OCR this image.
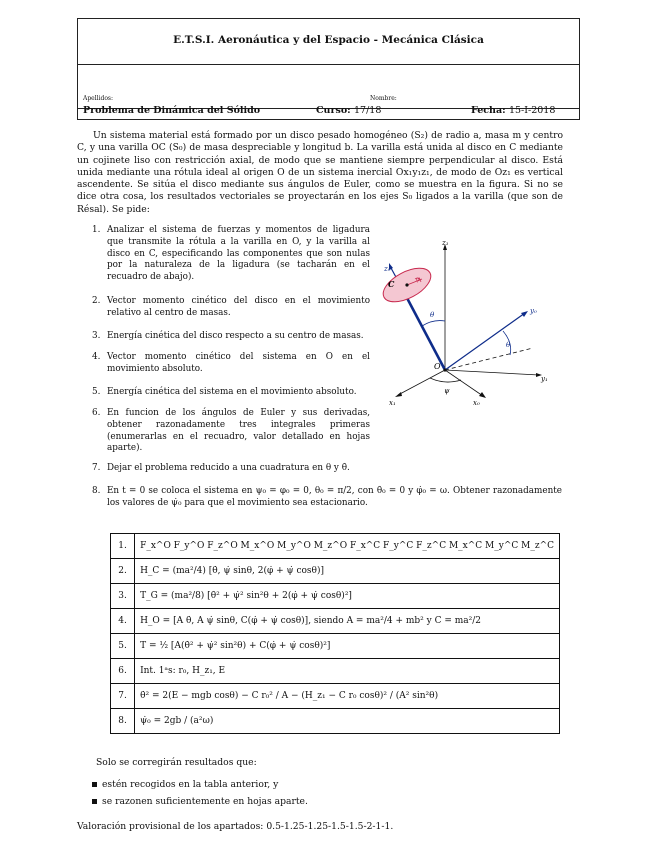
E.T.S.I. Aeronáutica y del Espacio - Mecánica Clásica
Apellidos:	Nombre:
Problema de Dinámica del Sólido	Curso: 17/18	Fecha: 15-I-2018

Un sistema material está formado por un disco pesado homogéneo (S₂) de radio a, masa m y centro C, y una varilla OC (S₀) de masa despreciable y longitud b. La varilla está unida al disco en C mediante un cojinete liso con restricción axial, de modo que se mantiene siempre perpendicular al disco. Está unida mediante una rótula ideal al origen O de un sistema inercial Ox₁y₁z₁, de modo de Oz₁ es vertical ascendente. Se sitúa el disco mediante sus ángulos de Euler, como se muestra en la figura. Si no se dice otra cosa, los resultados vectoriales se proyectarán en los ejes S₀ ligados a la varilla (que son de Résal). Se pide:

1. Analizar el sistema de fuerzas y momentos de ligadura que transmite la rótula a la varilla en O, y la varilla al disco en C, especificando las componentes que son nulas por la naturaleza de la ligadura (se tacharán en el recuadro de abajo).
2. Vector momento cinético del disco en el movimiento relativo al centro de masas.
3. Energía cinética del disco respecto a su centro de masas.
4. Vector momento cinético del sistema en O en el movimiento absoluto.
5. Energía cinética del sistema en el movimiento absoluto.
6. En funcion de los ángulos de Euler y sus derivadas, obtener razonadamente tres integrales primeras (enumerarlas en el recuadro, valor detallado en hojas aparte).
7. Dejar el problema reducido a una cuadratura en θ y θ̇.
8. En t = 0 se coloca el sistema en ψ₀ = φ₀ = 0, θ₀ = π/2, con θ̇₀ = 0 y φ̇₀ = ω. Obtener razonadamente los valores de ψ̇₀ para que el movimiento sea estacionario.
z₁
y₁
x₁	x₀
y₀
θ
ψ
z₀
θ
φ
C
O
1.	F_x^O F_y^O F_z^O M_x^O M_y^O M_z^O F_x^C F_y^C F_z^C M_x^C M_y^C M_z^C
2.	H_C = (ma²/4) [θ̇, ψ̇ sinθ, 2(φ̇ + ψ̇ cosθ)]
3.	T_G = (ma²/8) [θ̇² + ψ̇² sin²θ + 2(φ̇ + ψ̇ cosθ)²]
4.	H_O = [A θ̇, A ψ̇ sinθ, C(φ̇ + ψ̇ cosθ)], siendo A = ma²/4 + mb² y C = ma²/2
5.	T = ½ [A(θ̇² + ψ̇² sin²θ) + C(φ̇ + ψ̇ cosθ)²]
6.	Int. 1ᵃs: r₀, H_z₁, E
7.	θ̇² = 2(E − mgb cosθ) − C r₀² / A − (H_z₁ − C r₀ cosθ)² / (A² sin²θ)
8.	ψ̇₀ = 2gb / (a²ω)

Solo se corregirán resultados que:

estén recogidos en la tabla anterior, y
se razonen suficientemente en hojas aparte.

Valoración provisional de los apartados: 0.5-1.25-1.25-1.5-1.5-2-1-1.
